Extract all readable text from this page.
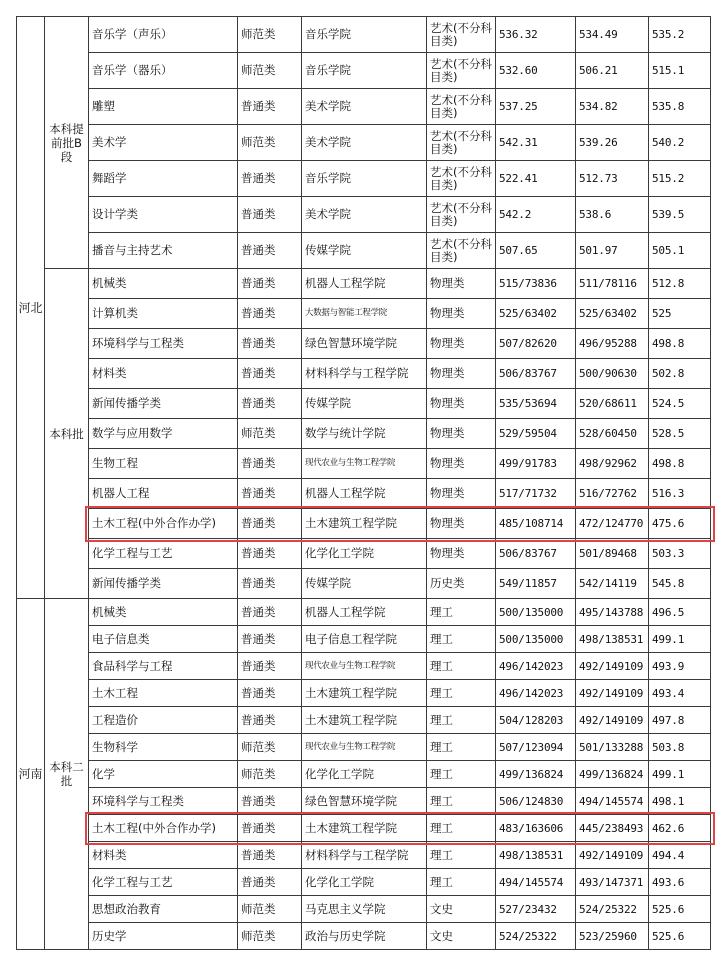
河北	本科提前批B段	音乐学（声乐）	师范类	音乐学院	艺术(不分科目类)	536.32	534.49	535.2
		音乐学（器乐）	师范类	音乐学院	艺术(不分科目类)	532.60	506.21	515.1
		雕塑	普通类	美术学院	艺术(不分科目类)	537.25	534.82	535.8
		美术学	师范类	美术学院	艺术(不分科目类)	542.31	539.26	540.2
		舞蹈学	普通类	音乐学院	艺术(不分科目类)	522.41	512.73	515.2
		设计学类	普通类	美术学院	艺术(不分科目类)	542.2	538.6	539.5
		播音与主持艺术	普通类	传媒学院	艺术(不分科目类)	507.65	501.97	505.1
	本科批	机械类	普通类	机器人工程学院	物理类	515/73836	511/78116	512.8
		计算机类	普通类	大数据与智能工程学院	物理类	525/63402	525/63402	525
		环境科学与工程类	普通类	绿色智慧环境学院	物理类	507/82620	496/95288	498.8
		材料类	普通类	材料科学与工程学院	物理类	506/83767	500/90630	502.8
		新闻传播学类	普通类	传媒学院	物理类	535/53694	520/68611	524.5
		数学与应用数学	师范类	数学与统计学院	物理类	529/59504	528/60450	528.5
		生物工程	普通类	现代农业与生物工程学院	物理类	499/91783	498/92962	498.8
		机器人工程	普通类	机器人工程学院	物理类	517/71732	516/72762	516.3
		土木工程(中外合作办学)	普通类	土木建筑工程学院	物理类	485/108714	472/124770	475.6
		化学工程与工艺	普通类	化学化工学院	物理类	506/83767	501/89468	503.3
		新闻传播学类	普通类	传媒学院	历史类	549/11857	542/14119	545.8
河南	本科二批	机械类	普通类	机器人工程学院	理工	500/135000	495/143788	496.5
		电子信息类	普通类	电子信息工程学院	理工	500/135000	498/138531	499.1
		食品科学与工程	普通类	现代农业与生物工程学院	理工	496/142023	492/149109	493.9
		土木工程	普通类	土木建筑工程学院	理工	496/142023	492/149109	493.4
		工程造价	普通类	土木建筑工程学院	理工	504/128203	492/149109	497.8
		生物科学	师范类	现代农业与生物工程学院	理工	507/123094	501/133288	503.8
		化学	师范类	化学化工学院	理工	499/136824	499/136824	499.1
		环境科学与工程类	普通类	绿色智慧环境学院	理工	506/124830	494/145574	498.1
		土木工程(中外合作办学)	普通类	土木建筑工程学院	理工	483/163606	445/238493	462.6
		材料类	普通类	材料科学与工程学院	理工	498/138531	492/149109	494.4
		化学工程与工艺	普通类	化学化工学院	理工	494/145574	493/147371	493.6
		思想政治教育	师范类	马克思主义学院	文史	527/23432	524/25322	525.6
		历史学	师范类	政治与历史学院	文史	524/25322	523/25960	525.6
